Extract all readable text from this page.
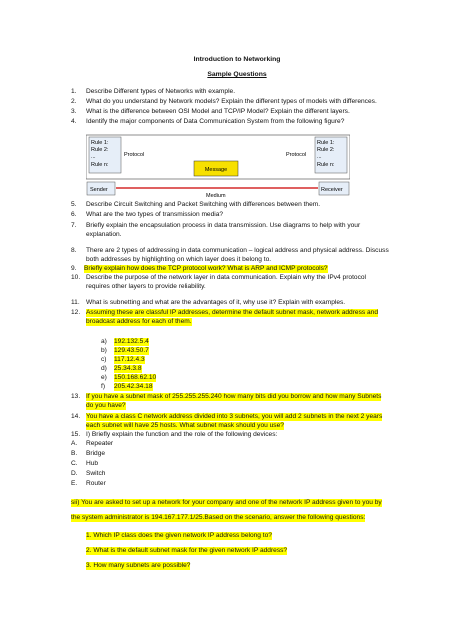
Introduction to Networking
Sample Questions
1. Describe Different types of Networks with example.
2. What do you understand by Network models? Explain the different types of models with differences.
3. What is the difference between OSI Model and TCP/IP Model? Explain the different layers.
4. Identify the major components of Data Communication System from the following figure?
Rule 1:
Rule 2:
...
Rule n:
Protocol
Rule 1:
Rule 2:
...
Rule n:
Protocol
Message
Sender	Receiver
Medium
5. Describe Circuit Switching and Packet Switching with differences between them.
6. What are the two types of transmission media?
7. Briefly explain the encapsulation process in data transmission. Use diagrams to help with your
explanation.
8. There are 2 types of addressing in data communication – logical address and physical address. Discuss
both addresses by highlighting on which layer does it belong to.
9. Briefly explain how does the TCP protocol work? What is ARP and ICMP protocols?
10. Describe the purpose of the network layer in data communication. Explain why the IPv4 protocol
requires other layers to provide reliability.
11. What is subnetting and what are the advantages of it, why use it? Explain with examples.
12. Assuming these are classful IP addresses, determine the default subnet mask, network address and
broadcast address for each of them.
a) 192.132.5.4
b) 129.43.50.7
c) 117.12.4.3
d) 25.34.3.8
e) 150.168.62.10
f) 205.42.34.18
13. If you have a subnet mask of 255.255.255.240 how many bits did you borrow and how many Subnets
do you have?
14. You have a class C network address divided into 3 subnets, you will add 2 subnets in the next 2 years
each subnet will have 25 hosts. What subnet mask should you use?
15. I) Briefly explain the function and the role of the following devices:
A. Repeater
B. Bridge
C. Hub
D. Switch
E. Router
sii) You are asked to set up a network for your company and one of the network IP address given to you by
the system administrator is 194.167.177.1/25.Based on the scenario, answer the following questions:
1. Which IP class does the given network IP address belong to?
2. What is the default subnet mask for the given network IP address?
3. How many subnets are possible?
